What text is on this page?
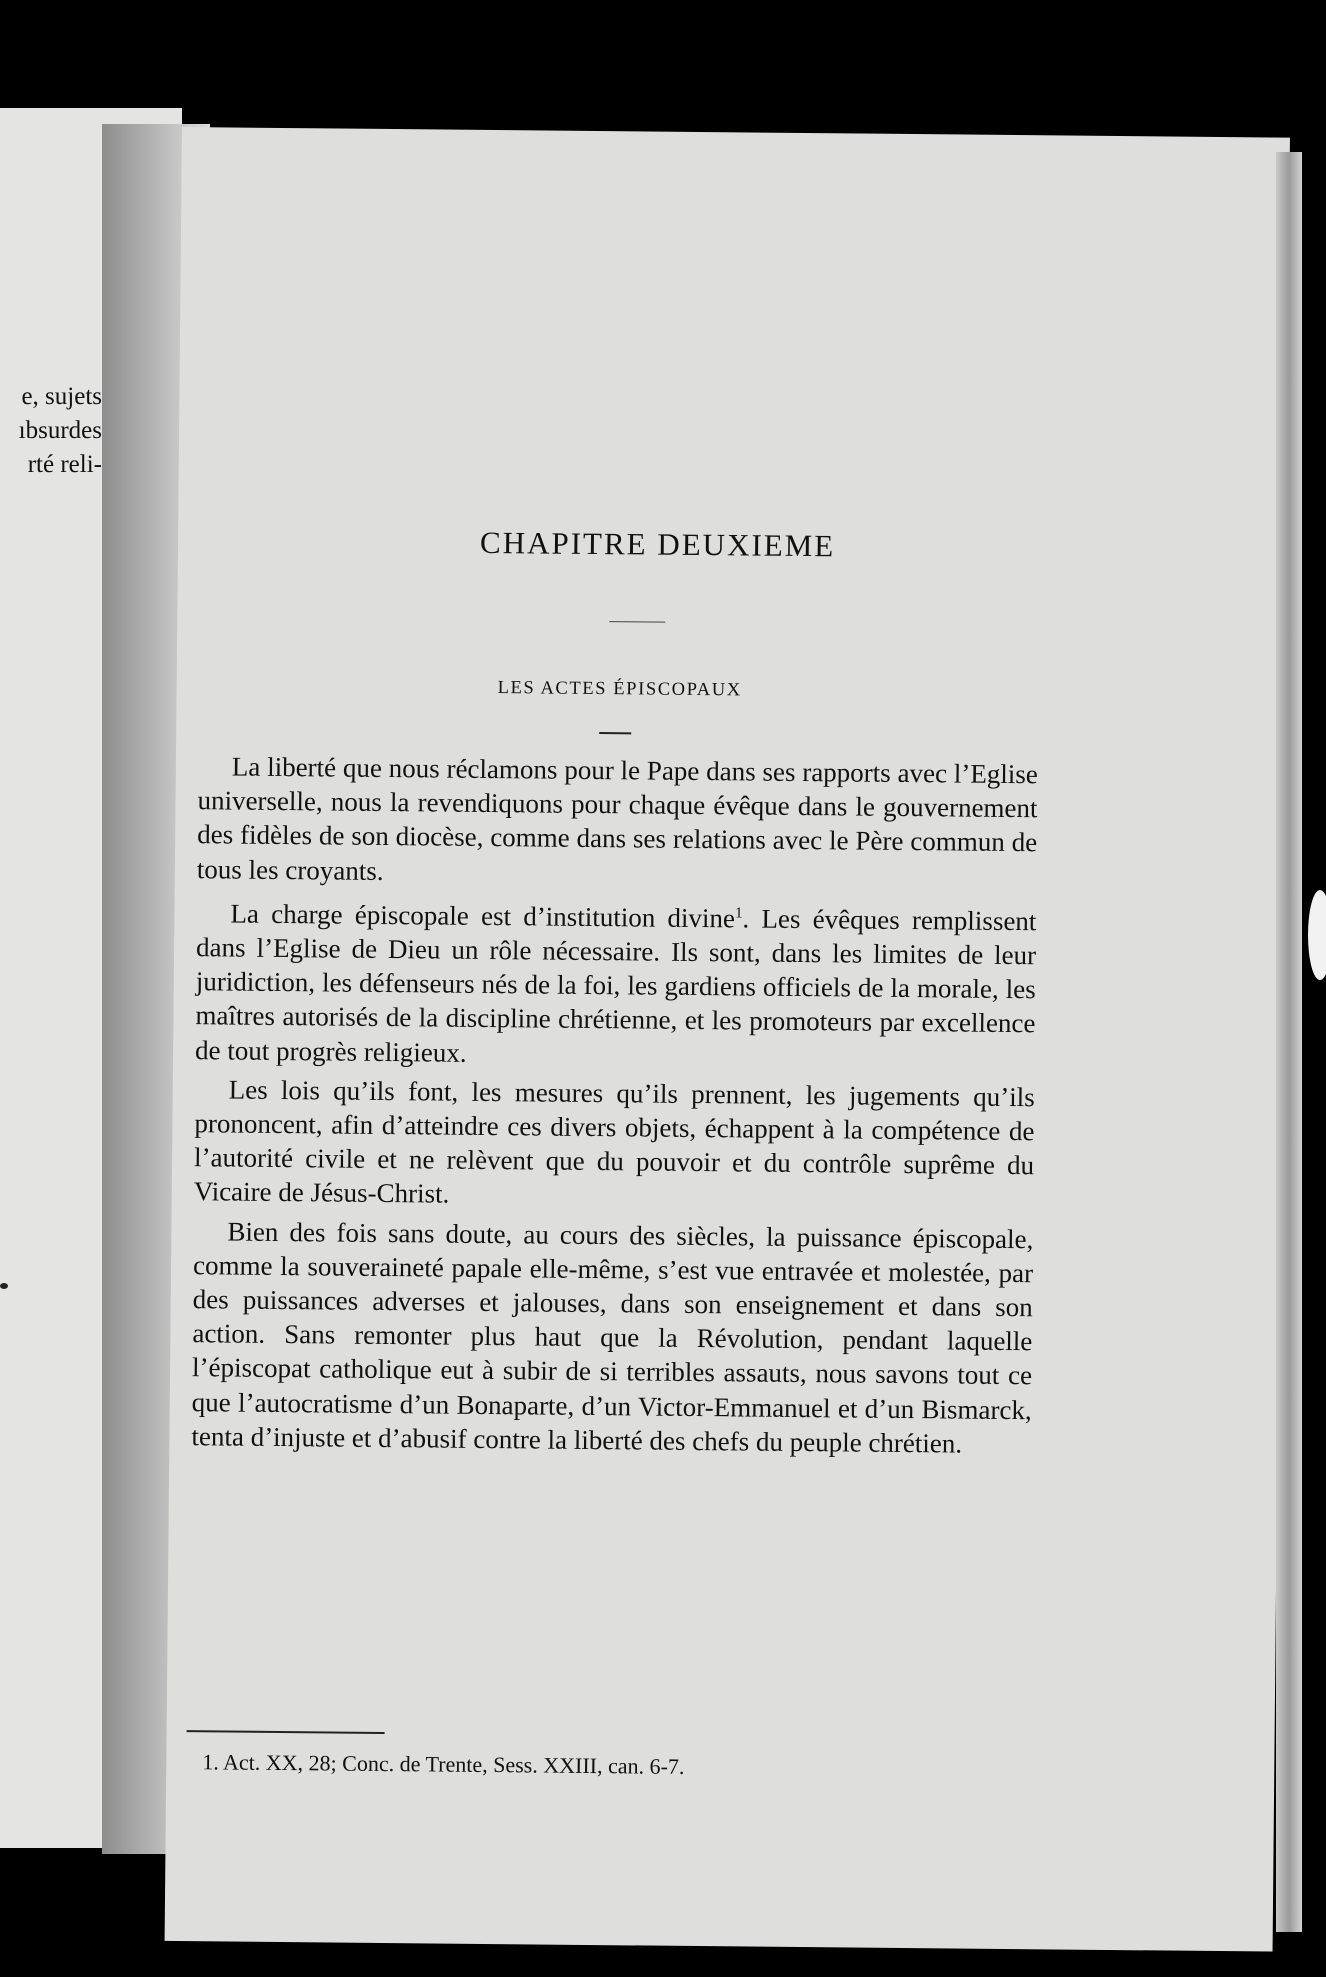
e, sujets
ıbsurdes
rté reli-
CHAPITRE DEUXIEME
LES ACTES ÉPISCOPAUX

La liberté que nous réclamons pour le Pape dans ses rapports avec l’Eglise universelle, nous la revendiquons pour chaque évêque dans le gouvernement des fidèles de son diocèse, comme dans ses relations avec le Père commun de tous les croyants.

La charge épiscopale est d’institution divine$^1$. Les évêques remplissent dans l’Eglise de Dieu un rôle nécessaire. Ils sont, dans les limites de leur juridiction, les défenseurs nés de la foi, les gardiens officiels de la morale, les maîtres autorisés de la discipline chrétienne, et les promoteurs par excellence de tout progrès religieux.

Les lois qu’ils font, les mesures qu’ils prennent, les jugements qu’ils prononcent, afin d’atteindre ces divers objets, échappent à la compétence de l’autorité civile et ne relèvent que du pouvoir et du contrôle suprême du Vicaire de Jésus-Christ.

Bien des fois sans doute, au cours des siècles, la puissance épiscopale, comme la souveraineté papale elle-même, s’est vue entravée et molestée, par des puissances adverses et jalouses, dans son enseignement et dans son action. Sans remonter plus haut que la Révolution, pendant laquelle l’épiscopat catholique eut à subir de si terribles assauts, nous savons tout ce que l’autocratisme d’un Bonaparte, d’un Victor-Emmanuel et d’un Bismarck, tenta d’injuste et d’abusif contre la liberté des chefs du peuple chrétien.

1. Act. XX, 28; Conc. de Trente, Sess. XXIII, can. 6-7.
